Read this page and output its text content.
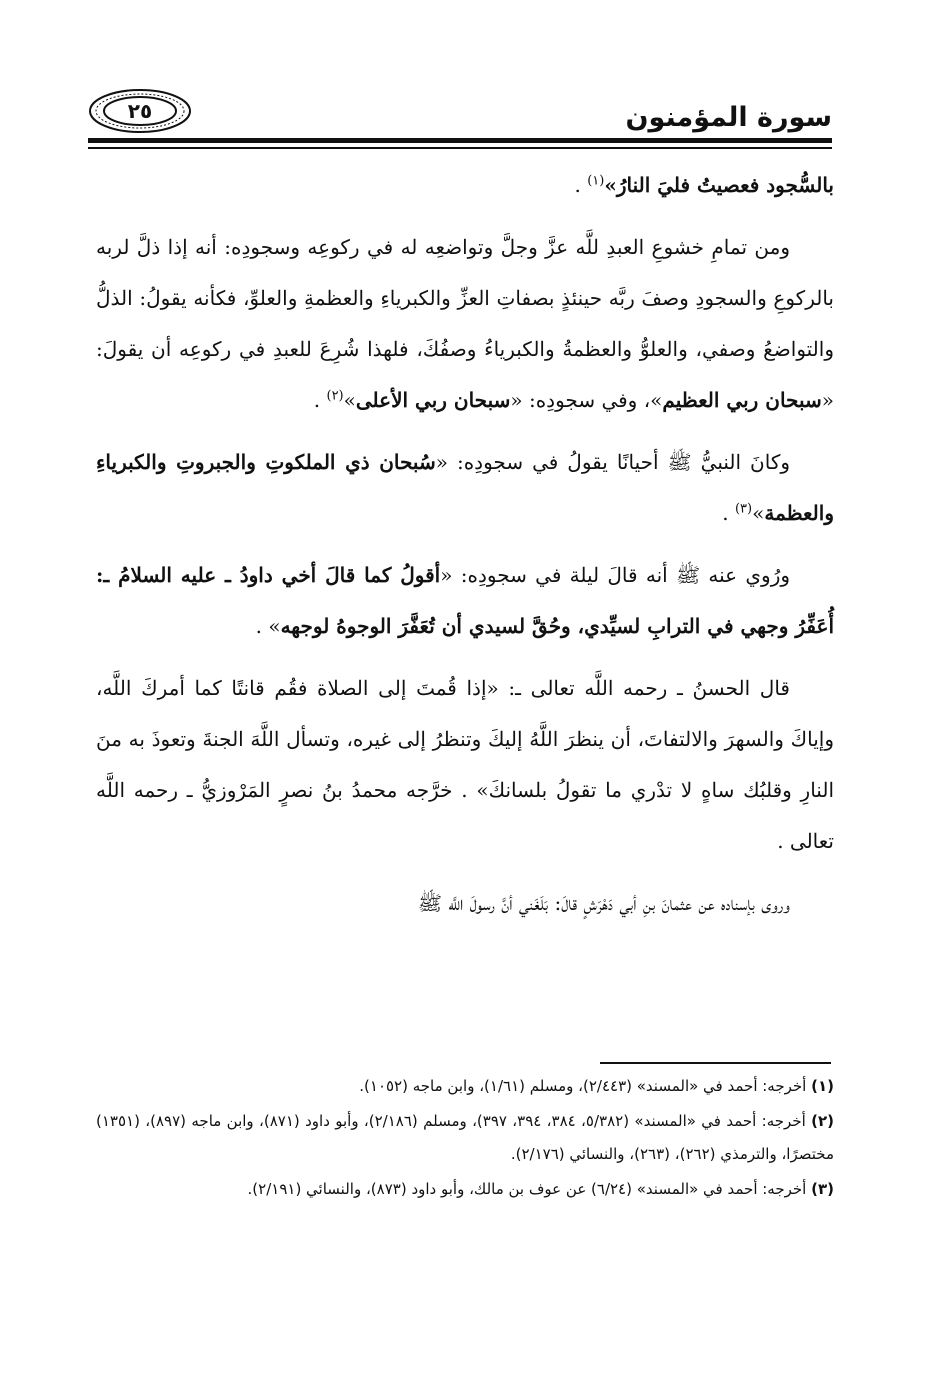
سورة المؤمنون
٢٥

بالسُّجود فعصيتُ فليَ النارُ»$^{(١)}$ .

ومن تمامِ خشوعِ العبدِ للَّه عزَّ وجلَّ وتواضعِه له في ركوعِه وسجودِه: أنه إذا ذلَّ لربه بالركوعِ والسجودِ وصفَ ربَّه حينئذٍ بصفاتِ العزِّ والكبرياءِ والعظمةِ والعلوِّ، فكأنه يقولُ: الذلُّ والتواضعُ وصفي، والعلوُّ والعظمةُ والكبرياءُ وصفُكَ، فلهذا شُرِعَ للعبدِ في ركوعِه أن يقولَ: «سبحان ربي العظيم»، وفي سجودِه: «سبحان ربي الأعلى»$^{(٢)}$ .

وكانَ النبيُّ ﷺ أحيانًا يقولُ في سجودِه: «سُبحان ذي الملكوتِ والجبروتِ والكبرياءِ والعظمة»$^{(٣)}$ .

ورُوي عنه ﷺ أنه قالَ ليلة في سجودِه: «أقولُ كما قالَ أخي داودُ ـ عليه السلامُ ـ: أُعَفِّرُ وجهي في الترابِ لسيِّدي، وحُقَّ لسيدي أن تُعَفَّرَ الوجوهُ لوجهه» .

قال الحسنُ ـ رحمه اللَّه تعالى ـ: «إذا قُمتَ إلى الصلاة فقُم قانتًا كما أمركَ اللَّه، وإياكَ والسهرَ والالتفاتَ، أن ينظرَ اللَّهُ إليكَ وتنظرُ إلى غيره، وتسأل اللَّهَ الجنةَ وتعوذَ به منَ النارِ وقلبُك ساهٍ لا تدْري ما تقولُ بلسانكَ» . خرَّجه محمدُ بنُ نصرٍ المَرْوزيُّ ـ رحمه اللَّه تعالى .

وروى بإسناده عن عثمانَ بنِ أبي دَهْرَشٍ قالَ: بَلَغَني أنَّ رسولَ اللَّه ﷺ

(١) أخرجه: أحمد في «المسند» (٢/٤٤٣)، ومسلم (١/٦١)، وابن ماجه (١٠٥٢).

(٢) أخرجه: أحمد في «المسند» (٥/٣٨٢، ٣٨٤، ٣٩٤، ٣٩٧)، ومسلم (٢/١٨٦)، وأبو داود (٨٧١)، وابن ماجه (٨٩٧)، (١٣٥١) مختصرًا، والترمذي (٢٦٢)، (٢٦٣)، والنسائي (٢/١٧٦).

(٣) أخرجه: أحمد في «المسند» (٦/٢٤) عن عوف بن مالك، وأبو داود (٨٧٣)، والنسائي (٢/١٩١).
